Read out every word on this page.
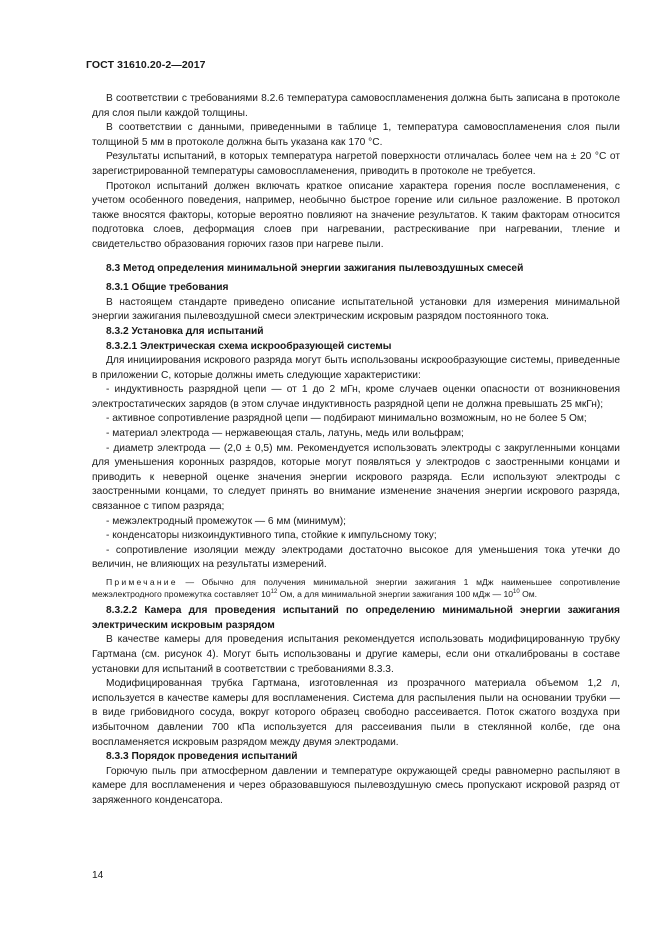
ГОСТ 31610.20-2—2017

В соответствии с требованиями 8.2.6 температура самовоспламенения должна быть записана в протоколе для слоя пыли каждой толщины.

В соответствии с данными, приведенными в таблице 1, температура самовоспламенения слоя пыли толщиной 5 мм в протоколе должна быть указана как 170 °С.

Результаты испытаний, в которых температура нагретой поверхности отличалась более чем на ± 20 °С от зарегистрированной температуры самовоспламенения, приводить в протоколе не требуется.

Протокол испытаний должен включать краткое описание характера горения после воспламенения, с учетом особенного поведения, например, необычно быстрое горение или сильное разложение. В протокол также вносятся факторы, которые вероятно повлияют на значение результатов. К таким факторам относится подготовка слоев, деформация слоев при нагревании, растрескивание при нагревании, тление и свидетельство образования горючих газов при нагреве пыли.

8.3 Метод определения минимальной энергии зажигания пылевоздушных смесей

8.3.1 Общие требования

В настоящем стандарте приведено описание испытательной установки для измерения минимальной энергии зажигания пылевоздушной смеси электрическим искровым разрядом постоянного тока.

8.3.2 Установка для испытаний

8.3.2.1 Электрическая схема искрообразующей системы

Для инициирования искрового разряда могут быть использованы искрообразующие системы, приведенные в приложении С, которые должны иметь следующие характеристики:

- индуктивность разрядной цепи — от 1 до 2 мГн, кроме случаев оценки опасности от возникновения электростатических зарядов (в этом случае индуктивность разрядной цепи не должна превышать 25 мкГн);

- активное сопротивление разрядной цепи — подбирают минимально возможным, но не более 5 Ом;

- материал электрода — нержавеющая сталь, латунь, медь или вольфрам;

- диаметр электрода — (2,0 ± 0,5) мм. Рекомендуется использовать электроды с закругленными концами для уменьшения коронных разрядов, которые могут появляться у электродов с заостренными концами и приводить к неверной оценке значения энергии искрового разряда. Если используют электроды с заостренными концами, то следует принять во внимание изменение значения энергии искрового разряда, связанное с типом разряда;

- межэлектродный промежуток — 6 мм (минимум);

- конденсаторы низкоиндуктивного типа, стойкие к импульсному току;

- сопротивление изоляции между электродами достаточно высокое для уменьшения тока утечки до величин, не влияющих на результаты измерений.

Примечание — Обычно для получения минимальной энергии зажигания 1 мДж наименьшее сопротивление межэлектродного промежутка составляет $10^{12}$ Ом, а для минимальной энергии зажигания 100 мДж — $10^{10}$ Ом.

8.3.2.2 Камера для проведения испытаний по определению минимальной энергии зажигания электрическим искровым разрядом

В качестве камеры для проведения испытания рекомендуется использовать модифицированную трубку Гартмана (см. рисунок 4). Могут быть использованы и другие камеры, если они откалиброваны в составе установки для испытаний в соответствии с требованиями 8.3.3.

Модифицированная трубка Гартмана, изготовленная из прозрачного материала объемом 1,2 л, используется в качестве камеры для воспламенения. Система для распыления пыли на основании трубки — в виде грибовидного сосуда, вокруг которого образец свободно рассеивается. Поток сжатого воздуха при избыточном давлении 700 кПа используется для рассеивания пыли в стеклянной колбе, где она воспламеняется искровым разрядом между двумя электродами.

8.3.3 Порядок проведения испытаний

Горючую пыль при атмосферном давлении и температуре окружающей среды равномерно распыляют в камере для воспламенения и через образовавшуюся пылевоздушную смесь пропускают искровой разряд от заряженного конденсатора.

14
